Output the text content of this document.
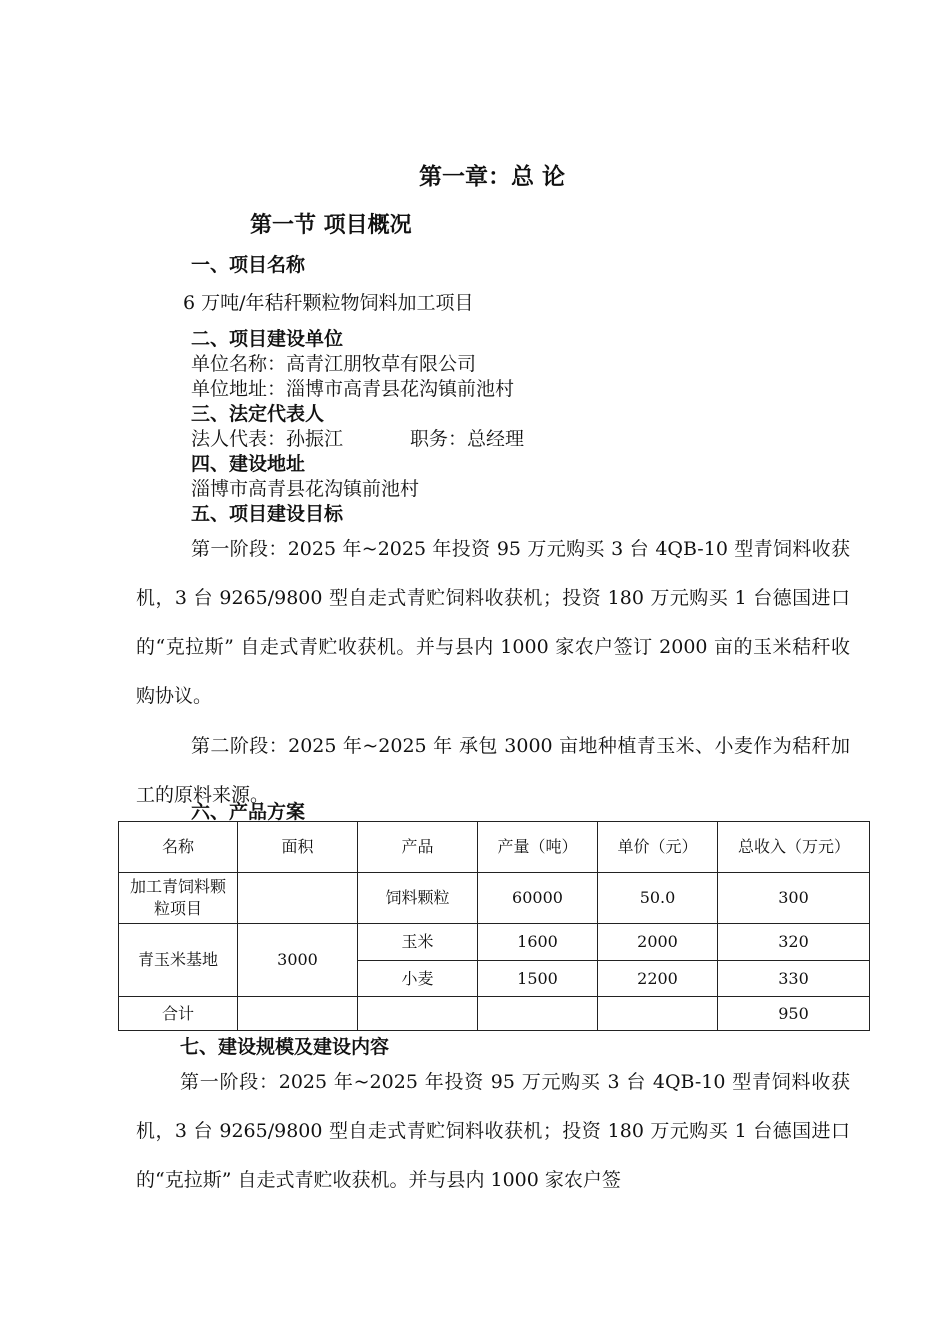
第一章：总 论
第一节 项目概况
一、项目名称
6 万吨/年秸秆颗粒物饲料加工项目
二、项目建设单位
单位名称：高青江朋牧草有限公司
单位地址：淄博市高青县花沟镇前池村
三、法定代表人
法人代表：孙振江	职务：总经理
四、建设地址
淄博市高青县花沟镇前池村
五、项目建设目标
第一阶段：2025 年~2025 年投资 95 万元购买 3 台 4QB-10 型青饲料收获机，3 台 9265/9800 型自走式青贮饲料收获机；投资 180 万元购买 1 台德国进口的“克拉斯” 自走式青贮收获机。并与县内 1000 家农户签订 2000 亩的玉米秸秆收购协议。
第二阶段：2025 年~2025 年 承包 3000 亩地种植青玉米、小麦作为秸秆加工的原料来源。
六、产品方案
名称	面积	产品	产量（吨）	单价（元）	总收入（万元）
加工青饲料颗粒项目		饲料颗粒	60000	50.0	300
青玉米基地	3000	玉米	1600	2000	320
		小麦	1500	2200	330
合计					950
七、建设规模及建设内容
第一阶段：2025 年~2025 年投资 95 万元购买 3 台 4QB-10 型青饲料收获机，3 台 9265/9800 型自走式青贮饲料收获机；投资 180 万元购买 1 台德国进口的“克拉斯” 自走式青贮收获机。并与县内 1000 家农户签
